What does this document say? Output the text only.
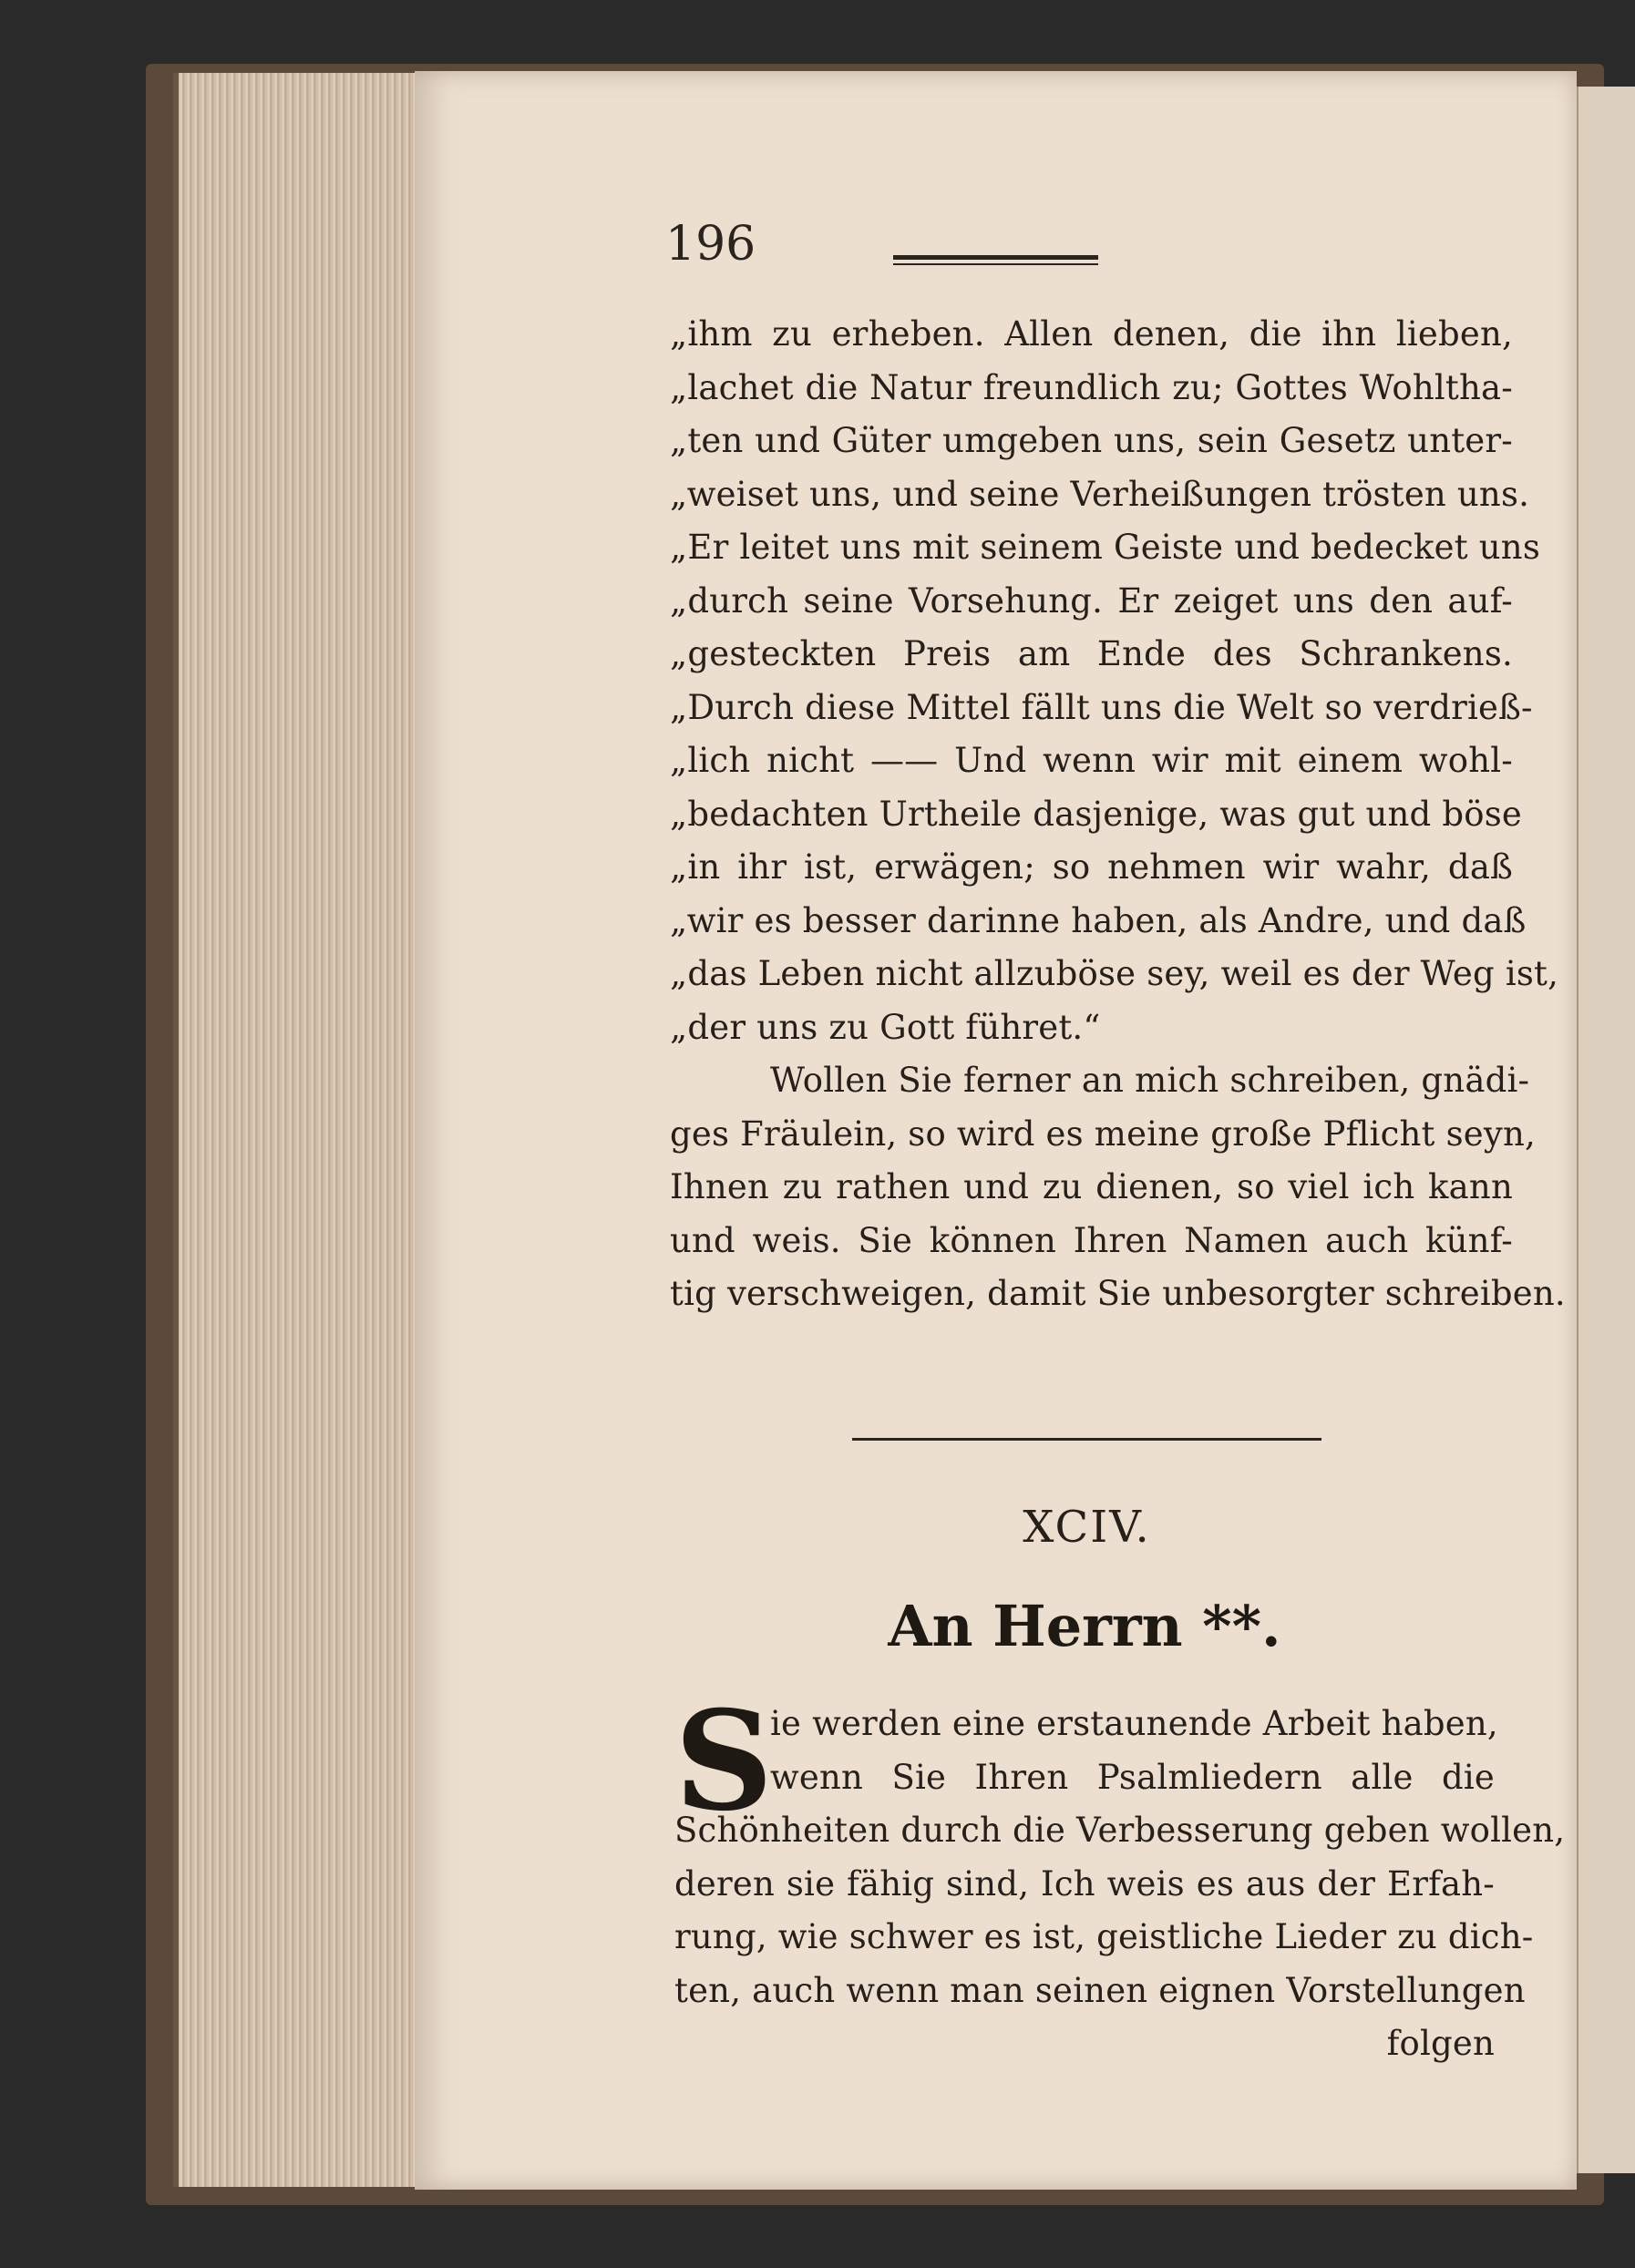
196
„ihm zu erheben. Allen denen, die ihn lieben,
„lachet die Natur freundlich zu; Gottes Wohltha-
„ten und Güter umgeben uns, sein Gesetz unter-
„weiset uns, und seine Verheißungen trösten uns.
„Er leitet uns mit seinem Geiste und bedecket uns
„durch seine Vorsehung. Er zeiget uns den auf-
„gesteckten Preis am Ende des Schrankens.
„Durch diese Mittel fällt uns die Welt so verdrieß-
„lich nicht —— Und wenn wir mit einem wohl-
„bedachten Urtheile dasjenige, was gut und böse
„in ihr ist, erwägen; so nehmen wir wahr, daß
„wir es besser darinne haben, als Andre, und daß
„das Leben nicht allzuböse sey, weil es der Weg ist,
„der uns zu Gott führet.“
Wollen Sie ferner an mich schreiben, gnädi-
ges Fräulein, so wird es meine große Pflicht seyn,
Ihnen zu rathen und zu dienen, so viel ich kann
und weis. Sie können Ihren Namen auch künf-
tig verschweigen, damit Sie unbesorgter schreiben.
XCIV.
An Herrn **.
S
ie werden eine erstaunende Arbeit haben,
wenn Sie Ihren Psalmliedern alle die
Schönheiten durch die Verbesserung geben wollen,
deren sie fähig sind, Ich weis es aus der Erfah-
rung, wie schwer es ist, geistliche Lieder zu dich-
ten, auch wenn man seinen eignen Vorstellungen
folgen
